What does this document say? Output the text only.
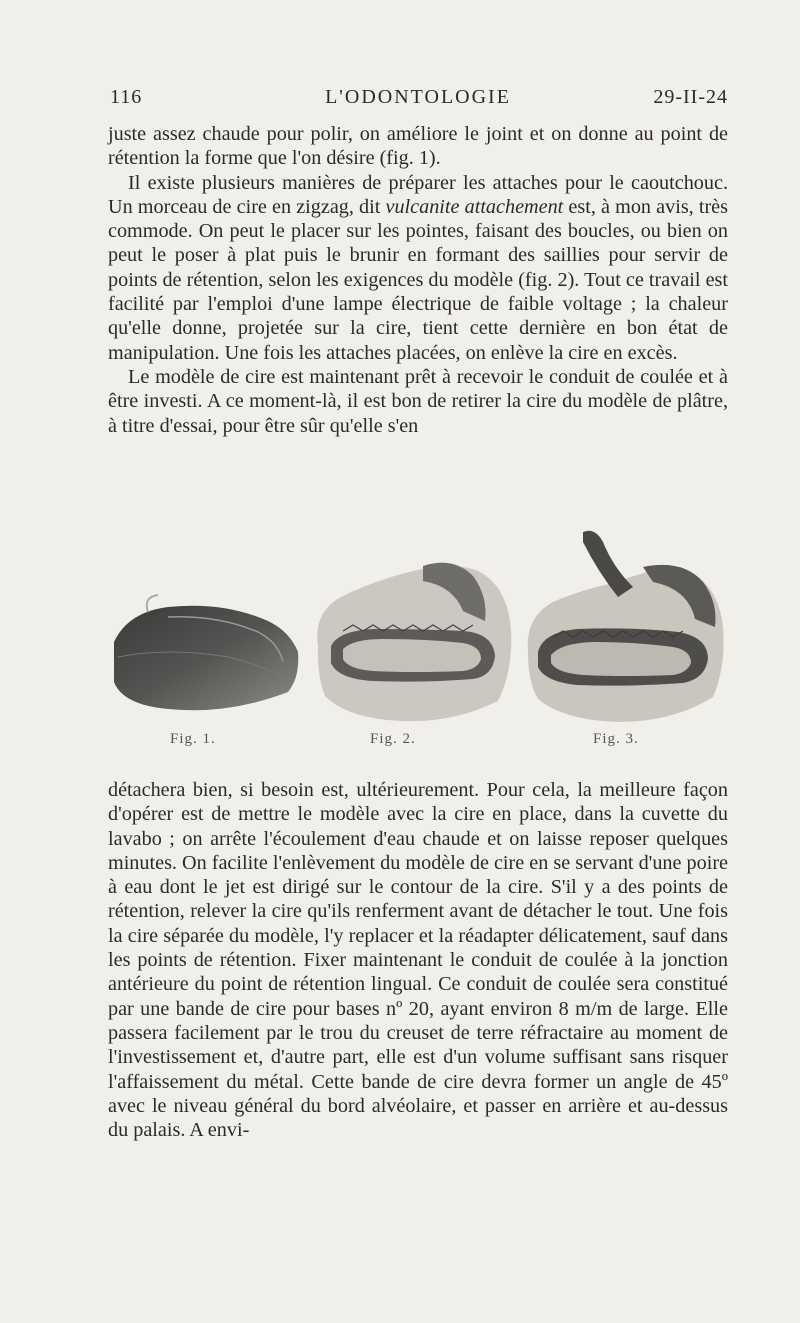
116	L'ODONTOLOGIE	29-II-24

juste assez chaude pour polir, on améliore le joint et on donne au point de rétention la forme que l'on désire (fig. 1).

Il existe plusieurs manières de préparer les attaches pour le caoutchouc. Un morceau de cire en zigzag, dit vulcanite attachement est, à mon avis, très commode. On peut le placer sur les pointes, faisant des boucles, ou bien on peut le poser à plat puis le brunir en formant des saillies pour servir de points de rétention, selon les exigences du modèle (fig. 2). Tout ce travail est facilité par l'emploi d'une lampe électrique de faible voltage ; la chaleur qu'elle donne, projetée sur la cire, tient cette dernière en bon état de manipulation. Une fois les attaches placées, on enlève la cire en excès.

Le modèle de cire est maintenant prêt à recevoir le conduit de coulée et à être investi. A ce moment-là, il est bon de retirer la cire du modèle de plâtre, à titre d'essai, pour être sûr qu'elle s'en

Fig. 1.	Fig. 2.	Fig. 3.

détachera bien, si besoin est, ultérieurement. Pour cela, la meilleure façon d'opérer est de mettre le modèle avec la cire en place, dans la cuvette du lavabo ; on arrête l'écoulement d'eau chaude et on laisse reposer quelques minutes. On facilite l'enlèvement du modèle de cire en se servant d'une poire à eau dont le jet est dirigé sur le contour de la cire. S'il y a des points de rétention, relever la cire qu'ils renferment avant de détacher le tout. Une fois la cire séparée du modèle, l'y replacer et la réadapter délicatement, sauf dans les points de rétention. Fixer maintenant le conduit de coulée à la jonction antérieure du point de rétention lingual. Ce conduit de coulée sera constitué par une bande de cire pour bases nº 20, ayant environ 8 m/m de large. Elle passera facilement par le trou du creuset de terre réfractaire au moment de l'investissement et, d'autre part, elle est d'un volume suffisant sans risquer l'affaissement du métal. Cette bande de cire devra former un angle de 45º avec le niveau général du bord alvéolaire, et passer en arrière et au-dessus du palais. A envi-
